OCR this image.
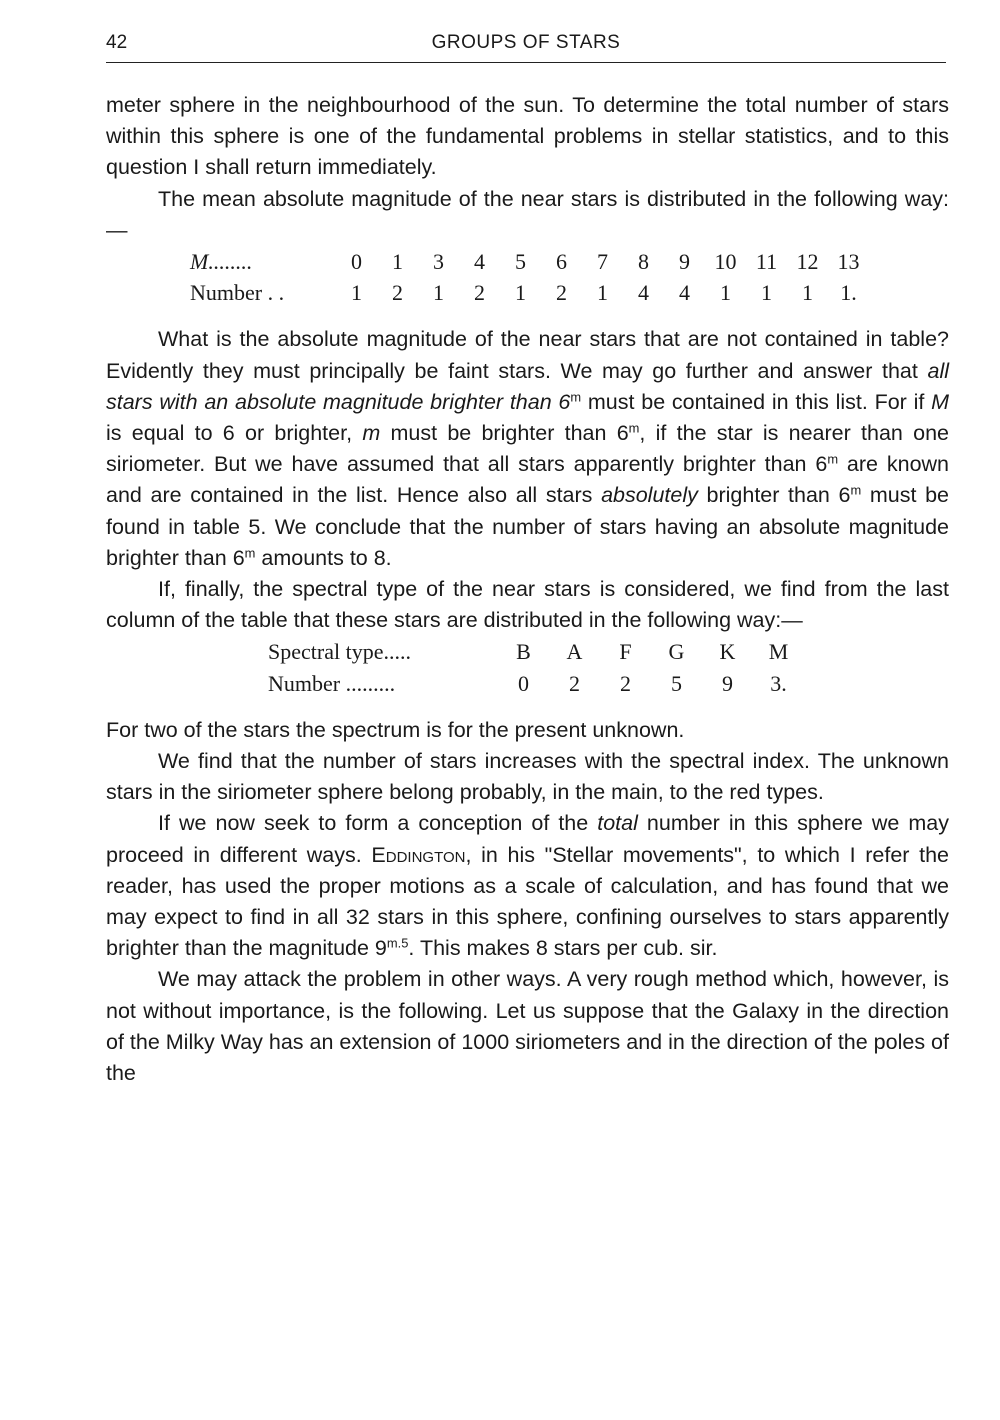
42	GROUPS OF STARS

meter sphere in the neighbourhood of the sun. To determine the total number of stars within this sphere is one of the fundamental problems in stellar statistics, and to this question I shall return immediately.

The mean absolute magnitude of the near stars is distributed in the following way:—

M........	0	1	3	4	5	6	7	8	9	10	11	12	13
Number . .	1	2	1	2	1	2	1	4	4	1	1	1	1.

What is the absolute magnitude of the near stars that are not contained in table? Evidently they must principally be faint stars. We may go further and answer that all stars with an absolute magnitude brighter than 6$^m$ must be contained in this list. For if M is equal to 6 or brighter, m must be brighter than 6$^m$, if the star is nearer than one siriometer. But we have assumed that all stars apparently brighter than 6$^m$ are known and are contained in the list. Hence also all stars absolutely brighter than 6$^m$ must be found in table 5. We conclude that the number of stars having an absolute magnitude brighter than 6$^m$ amounts to 8.

If, finally, the spectral type of the near stars is considered, we find from the last column of the table that these stars are distributed in the following way:—

Spectral type.....	B	A	F	G	K	M
Number .........	0	2	2	5	9	3.

For two of the stars the spectrum is for the present unknown.

We find that the number of stars increases with the spectral index. The unknown stars in the siriometer sphere belong probably, in the main, to the red types.

If we now seek to form a conception of the total number in this sphere we may proceed in different ways. Eddington, in his "Stellar movements", to which I refer the reader, has used the proper motions as a scale of calculation, and has found that we may expect to find in all 32 stars in this sphere, confining ourselves to stars apparently brighter than the magnitude $9^{m.5}$. This makes 8 stars per cub. sir.

We may attack the problem in other ways. A very rough method which, however, is not without importance, is the following. Let us suppose that the Galaxy in the direction of the Milky Way has an extension of 1000 siriometers and in the direction of the poles of the
